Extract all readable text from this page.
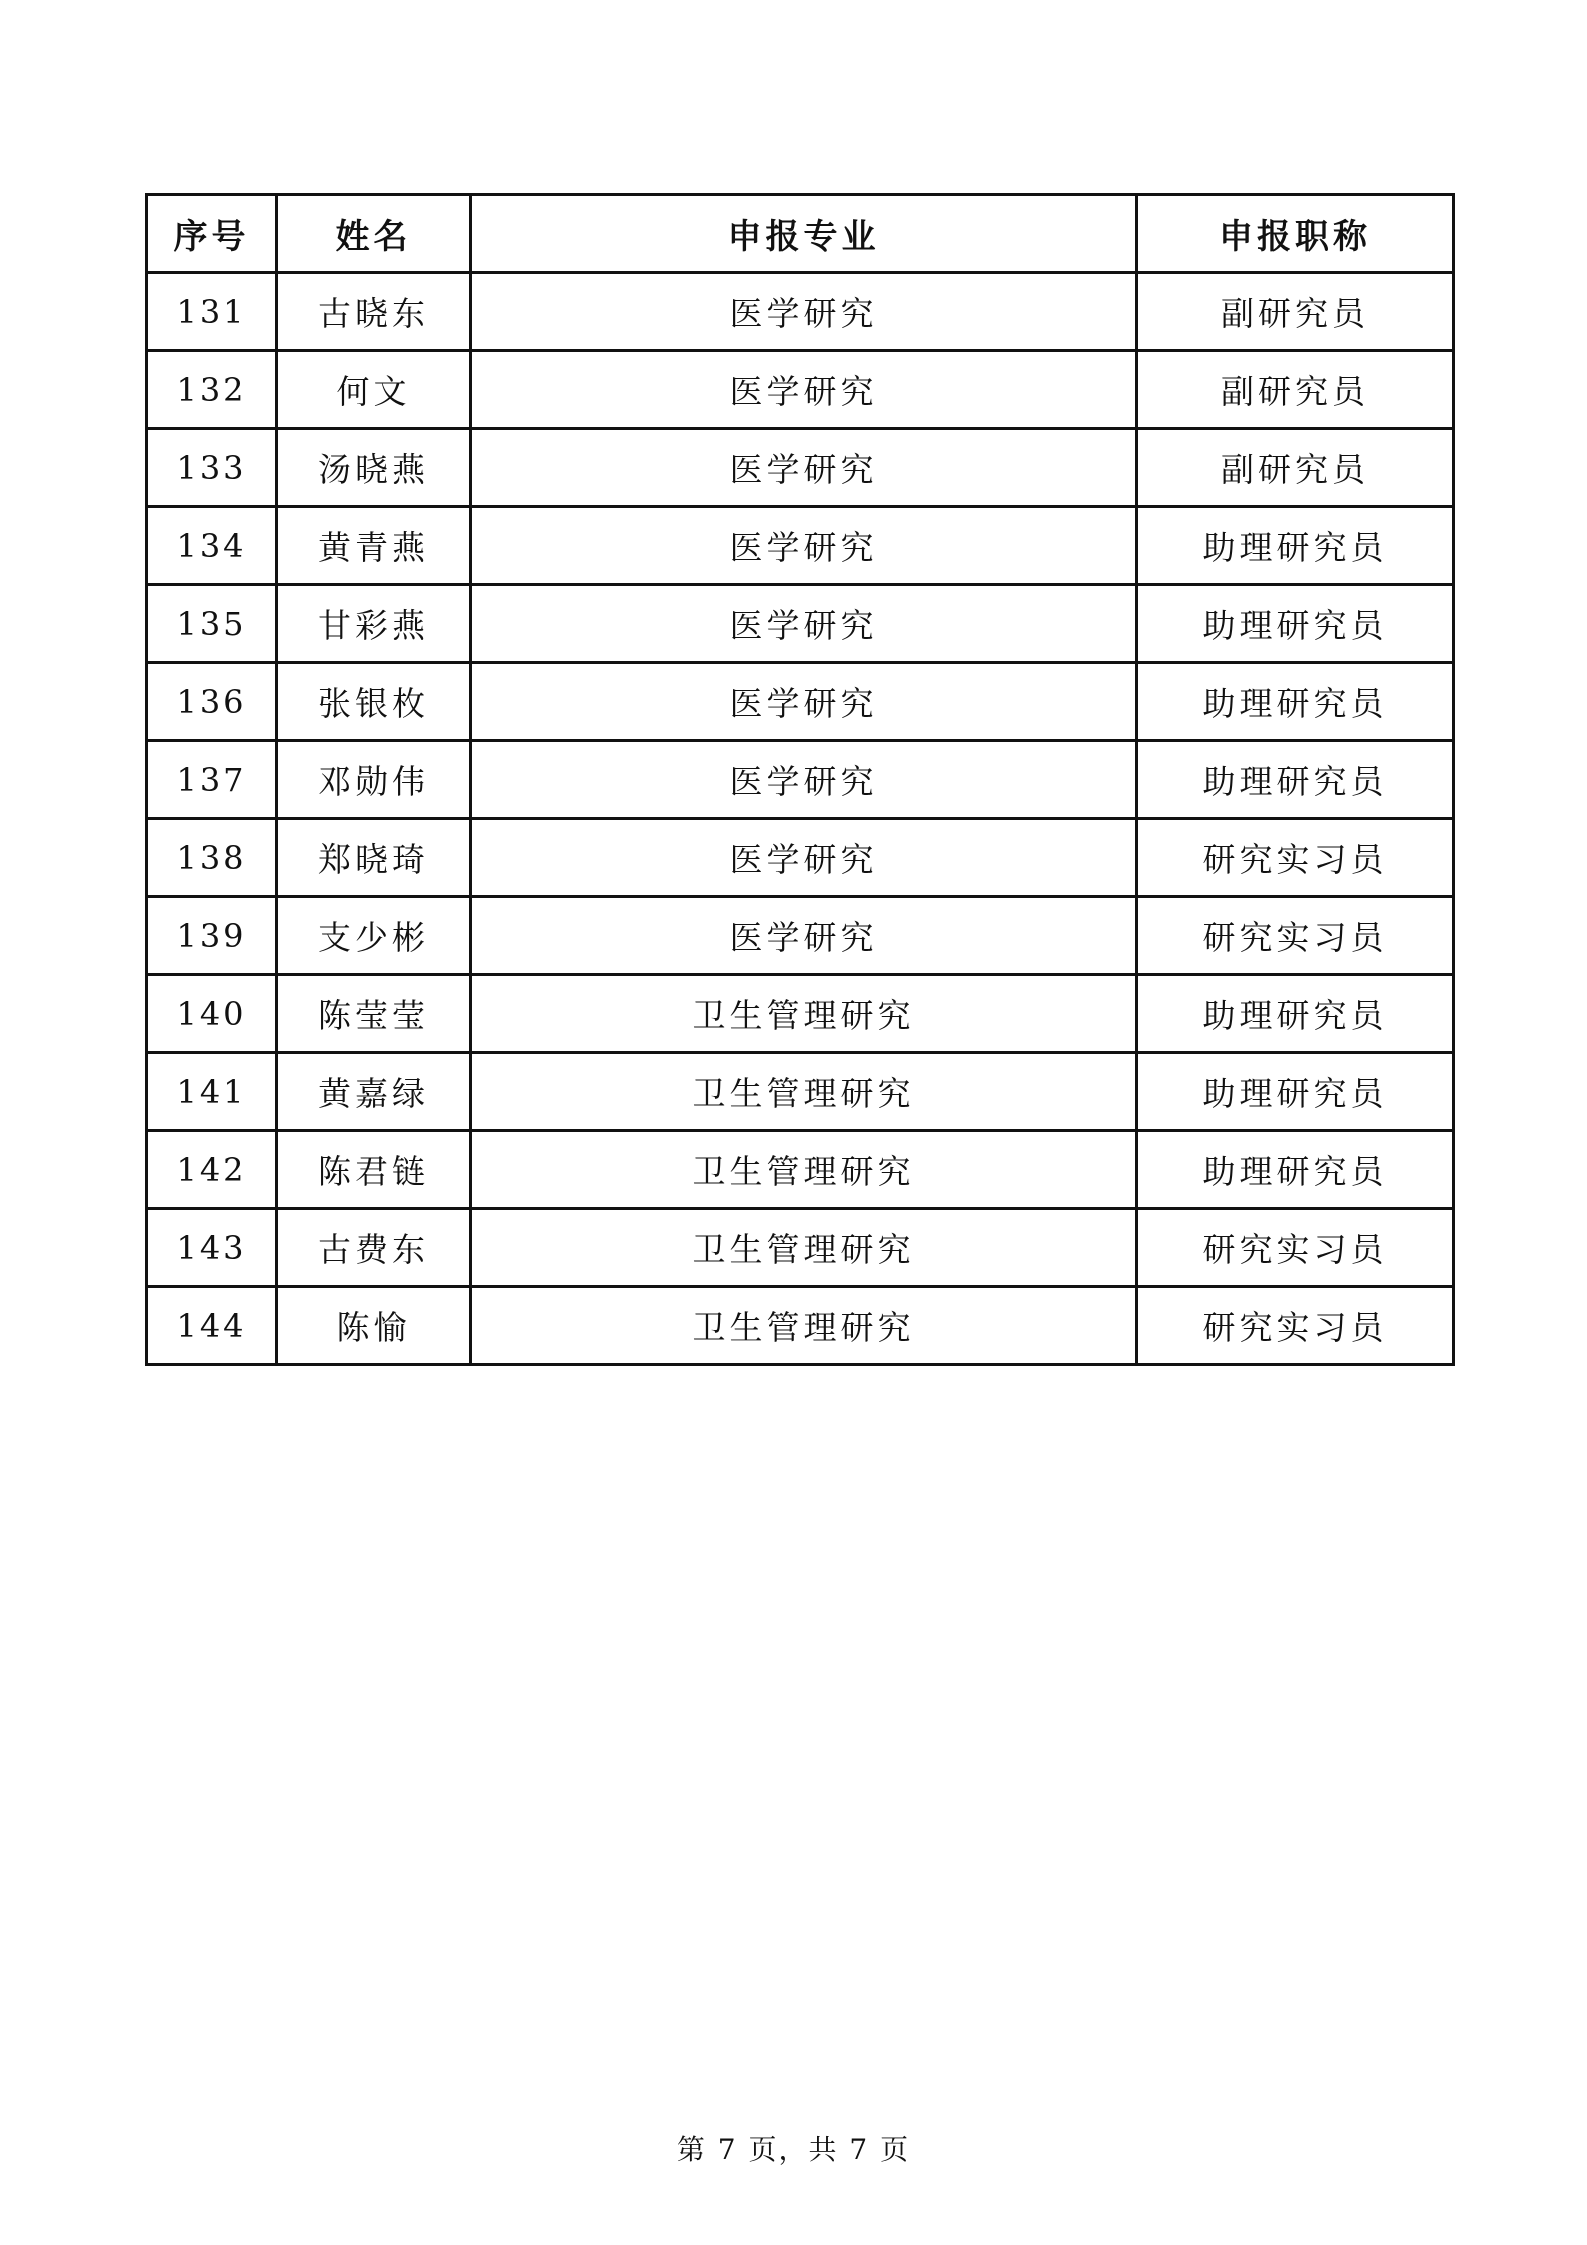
序号	姓名	申报专业	申报职称
131	古晓东	医学研究	副研究员
132	何文	医学研究	副研究员
133	汤晓燕	医学研究	副研究员
134	黄青燕	医学研究	助理研究员
135	甘彩燕	医学研究	助理研究员
136	张银枚	医学研究	助理研究员
137	邓勋伟	医学研究	助理研究员
138	郑晓琦	医学研究	研究实习员
139	支少彬	医学研究	研究实习员
140	陈莹莹	卫生管理研究	助理研究员
141	黄嘉绿	卫生管理研究	助理研究员
142	陈君链	卫生管理研究	助理研究员
143	古费东	卫生管理研究	研究实习员
144	陈愉	卫生管理研究	研究实习员
第 7 页，共 7 页
